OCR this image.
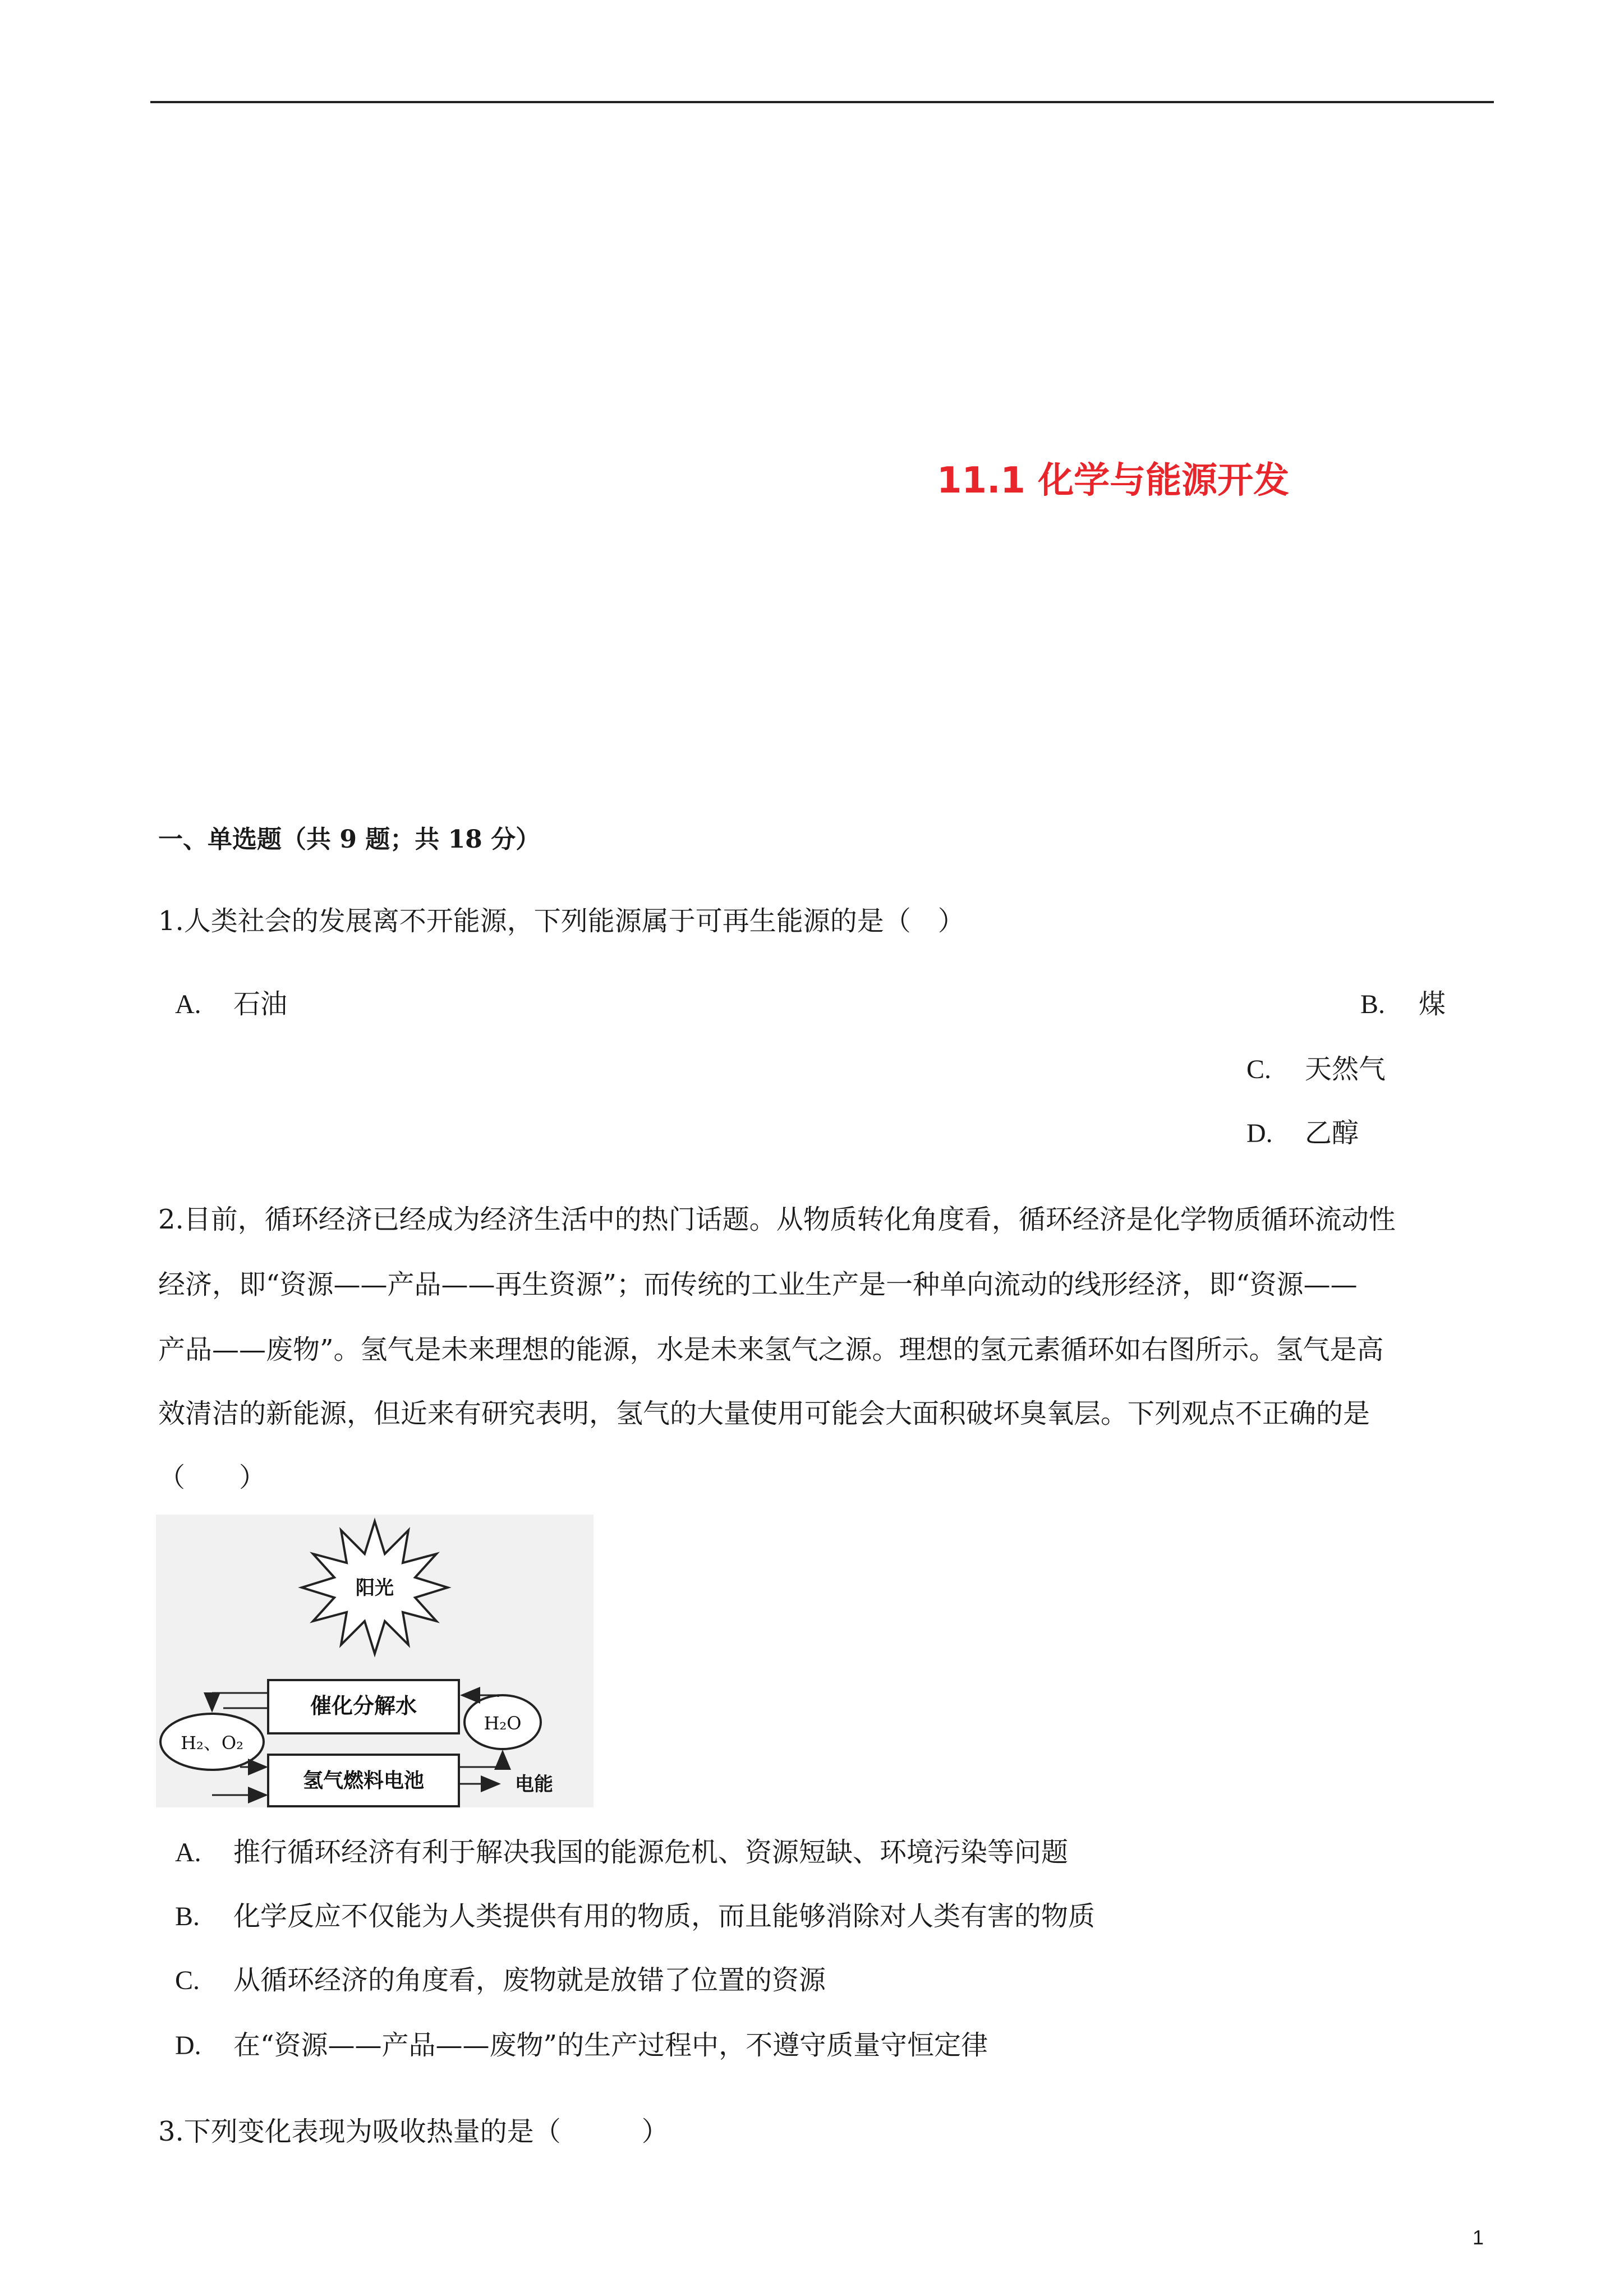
11.1 化学与能源开发
一、单选题（共 9 题；共 18 分）
1.人类社会的发展离不开能源，下列能源属于可再生能源的是（　）
A. 石油	B. 煤
C. 天然气
D. 乙醇
2.目前，循环经济已经成为经济生活中的热门话题。从物质转化角度看，循环经济是化学物质循环流动性
经济，即“资源——产品——再生资源”；而传统的工业生产是一种单向流动的线形经济，即“资源——
产品——废物”。氢气是未来理想的能源，水是未来氢气之源。理想的氢元素循环如右图所示。氢气是高
效清洁的新能源，但近来有研究表明，氢气的大量使用可能会大面积破坏臭氧层。下列观点不正确的是
（　　）
阳光
催化分解水
氢气燃料电池
H₂、O₂
H₂O
电能
A. 推行循环经济有利于解决我国的能源危机、资源短缺、环境污染等问题
B. 化学反应不仅能为人类提供有用的物质，而且能够消除对人类有害的物质
C. 从循环经济的角度看，废物就是放错了位置的资源
D. 在“资源——产品——废物”的生产过程中，不遵守质量守恒定律
3.下列变化表现为吸收热量的是（　　　）
1
